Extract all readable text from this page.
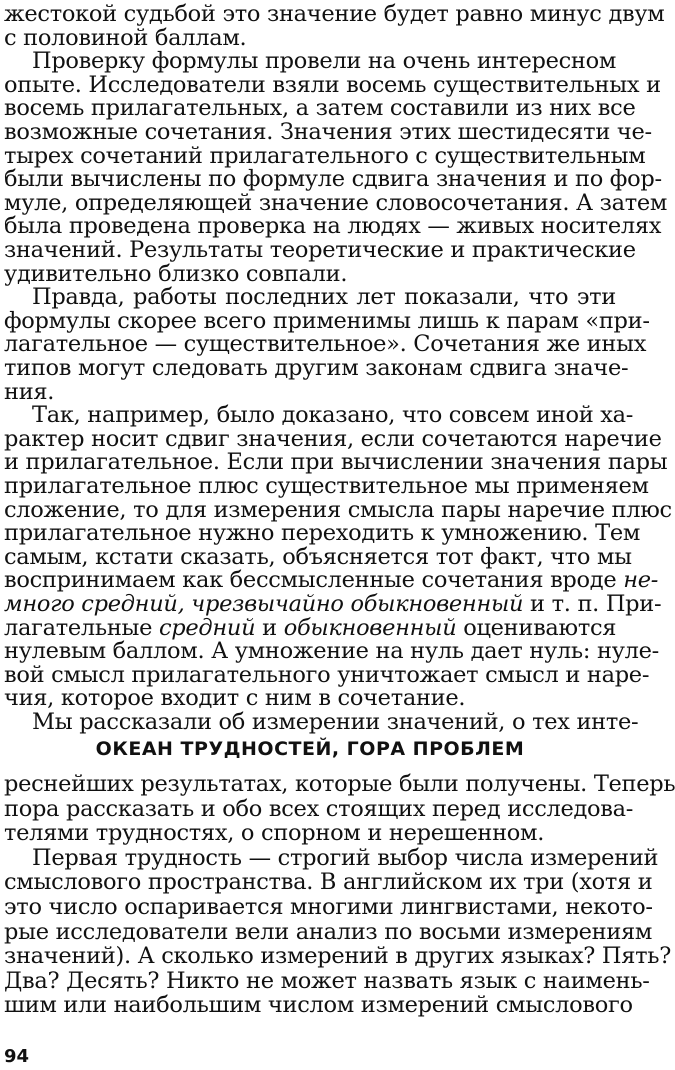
жестокой судьбой это значение будет равно минус двум
с половиной баллам.
Проверку формулы провели на очень интересном
опыте. Исследователи взяли восемь существительных и
восемь прилагательных, а затем составили из них все
возможные сочетания. Значения этих шестидесяти че-
тырех сочетаний прилагательного с существительным
были вычислены по формуле сдвига значения и по фор-
муле, определяющей значение словосочетания. А затем
была проведена проверка на людях — живых носителях
значений. Результаты теоретические и практические
удивительно близко совпали.
Правда, работы последних лет показали, что эти
формулы скорее всего применимы лишь к парам «при-
лагательное — существительное». Сочетания же иных
типов могут следовать другим законам сдвига значе-
ния.
Так, например, было доказано, что совсем иной ха-
рактер носит сдвиг значения, если сочетаются наречие
и прилагательное. Если при вычислении значения пары
прилагательное плюс существительное мы применяем
сложение, то для измерения смысла пары наречие плюс
прилагательное нужно переходить к умножению. Тем
самым, кстати сказать, объясняется тот факт, что мы
воспринимаем как бессмысленные сочетания вроде не-
много средний, чрезвычайно обыкновенный и т. п. При-
лагательные средний и обыкновенный оцениваются
нулевым баллом. А умножение на нуль дает нуль: нуле-
вой смысл прилагательного уничтожает смысл и наре-
чия, которое входит с ним в сочетание.
ОКЕАН ТРУДНОСТЕЙ, ГОРА ПРОБЛЕМ
Мы рассказали об измерении значений, о тех инте-
реснейших результатах, которые были получены. Теперь
пора рассказать и обо всех стоящих перед исследова-
телями трудностях, о спорном и нерешенном.
Первая трудность — строгий выбор числа измерений
смыслового пространства. В английском их три (хотя и
это число оспаривается многими лингвистами, некото-
рые исследователи вели анализ по восьми измерениям
значений). А сколько измерений в других языках? Пять?
Два? Десять? Никто не может назвать язык с наимень-
шим или наибольшим числом измерений смыслового
94
